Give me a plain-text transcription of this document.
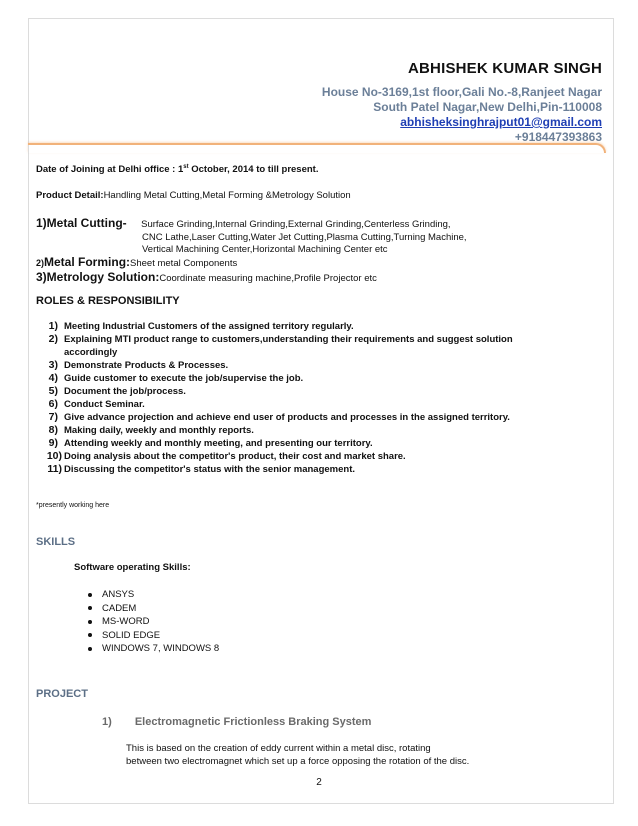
ABHISHEK KUMAR SINGH
House No-3169,1st floor,Gali No.-8,Ranjeet Nagar
South Patel Nagar,New Delhi,Pin-110008
abhisheksinghrajput01@gmail.com
+918447393863

Date of Joining at Delhi office : 1st October, 2014 to till present.

Product Detail:Handling Metal Cutting,Metal Forming &Metrology Solution

1)Metal Cutting- Surface Grinding,Internal Grinding,External Grinding,Centerless Grinding,
CNC Lathe,Laser Cutting,Water Jet Cutting,Plasma Cutting,Turning Machine,
Vertical Machining Center,Horizontal Machining Center etc
2)Metal Forming:Sheet metal Components
3)Metrology Solution:Coordinate measuring machine,Profile Projector etc
ROLES & RESPONSIBILITY
1) Meeting Industrial Customers of the assigned territory regularly.
2) Explaining MTI product range to customers,understanding their requirements and suggest solution accordingly
3) Demonstrate Products & Processes.
4) Guide customer to execute the job/supervise the job.
5) Document the job/process.
6) Conduct Seminar.
7) Give advance projection and achieve end user of products and processes in the assigned territory.
8) Making daily, weekly and monthly reports.
9) Attending weekly and monthly meeting, and presenting our territory.
10) Doing analysis about the competitor's product, their cost and market share.
11) Discussing the competitor's status with the senior management.
*presently working here
SKILLS
Software operating Skills:
ANSYS
CADEM
MS-WORD
SOLID EDGE
WINDOWS 7, WINDOWS 8
PROJECT
1) Electromagnetic Frictionless Braking System
This is based on the creation of eddy current within a metal disc, rotating
between two electromagnet which set up a force opposing the rotation of the disc.
2
